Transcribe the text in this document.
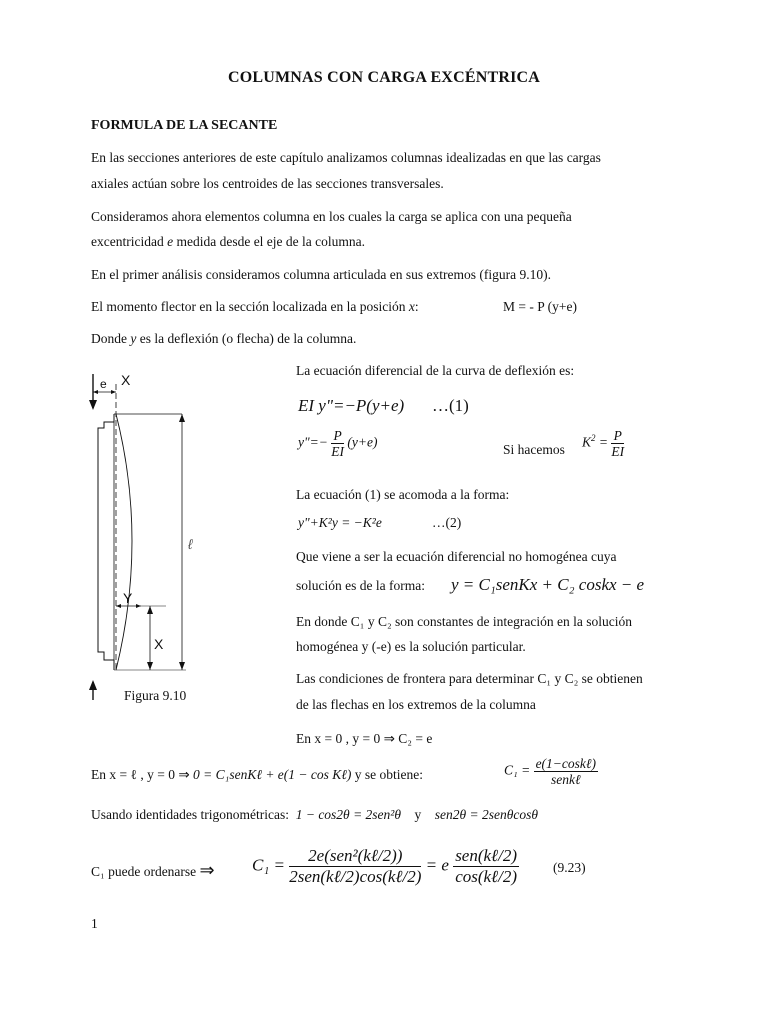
COLUMNAS CON CARGA EXCÉNTRICA
FORMULA DE LA SECANTE
En las secciones anteriores de este capítulo analizamos columnas idealizadas en que las cargas
axiales actúan sobre los centroides de las secciones transversales.
Consideramos ahora elementos columna en los cuales la carga se aplica con una pequeña
excentricidad e medida desde el eje de la columna.
En el primer análisis consideramos columna articulada en sus extremos (figura 9.10).
El momento flector en la sección localizada en la posición x:	M = - P (y+e)
Donde y es la deflexión (o flecha) de la columna.
e X
ℓ
Y
X
Figura 9.10
La ecuación diferencial de la curva de deflexión es:
EI y"=−P(y+e) …(1)
y"=− $\frac{P}{EI} (y+e)$	Si hacemos $K^2 = \frac{P}{EI}$
La ecuación (1) se acomoda a la forma:
y"+K²y = −K²e	…(2)
Que viene a ser la ecuación diferencial no homogénea cuya
solución es de la forma: y = C₁senKx + C₂ coskx − e
En donde C₁ y C₂ son constantes de integración en la solución
homogénea y (-e) es la solución particular.
Las condiciones de frontera para determinar C₁ y C₂ se obtienen
de las flechas en los extremos de la columna
En x = 0 , y = 0 ⇒ C₂ = e
En x = ℓ , y = 0 ⇒ 0 = C₁senKℓ + e(1 − cos Kℓ) y se obtiene:	$C_1 = \frac{\text{e(1−coskℓ)}}{\text{senkℓ}}$
Usando identidades trigonométricas: 1 − cos2θ = 2sen²θ y sen2θ = 2senθcosθ
C₁ puede ordenarse ⇒ $C_1 = \frac{\text{2e(sen²(kℓ/2))}}{\text{2sen(kℓ/2)cos(kℓ/2)}} = e \frac{\text{sen(kℓ/2)}}{\text{cos(kℓ/2)}}$	(9.23)
1
